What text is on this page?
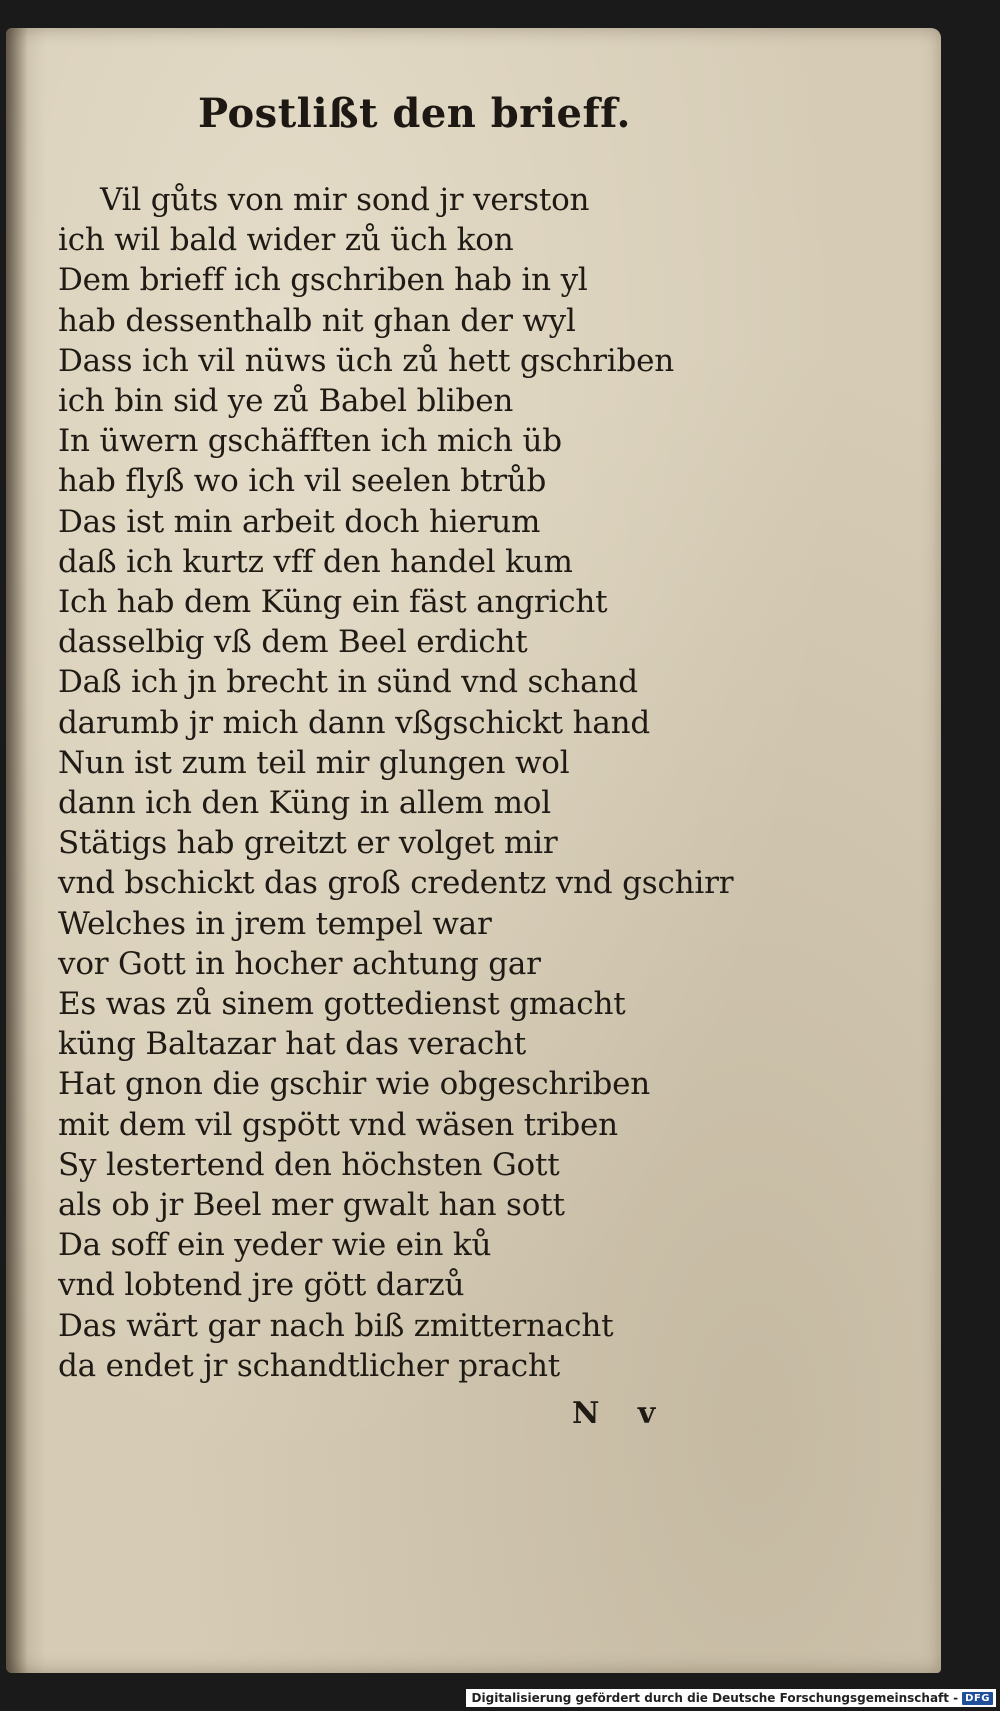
Postlißt den brieff.
Vil gůts von mir sond jr verston
ich wil bald wider zů üch kon
Dem brieff ich gschriben hab in yl
hab dessenthalb nit ghan der wyl
Dass ich vil nüws üch zů hett gschriben
ich bin sid ye zů Babel bliben
In üwern gschäfften ich mich üb
hab flyß wo ich vil seelen btrůb
Das ist min arbeit doch hierum
daß ich kurtz vff den handel kum
Ich hab dem Küng ein fäst angricht
dasselbig vß dem Beel erdicht
Daß ich jn brecht in sünd vnd schand
darumb jr mich dann vßgschickt hand
Nun ist zum teil mir glungen wol
dann ich den Küng in allem mol
Stätigs hab greitzt er volget mir
vnd bschickt das groß credentz vnd gschirr
Welches in jrem tempel war
vor Gott in hocher achtung gar
Es was zů sinem gottedienst gmacht
küng Baltazar hat das veracht
Hat gnon die gschir wie obgeschriben
mit dem vil gspött vnd wäsen triben
Sy lestertend den höchsten Gott
als ob jr Beel mer gwalt han sott
Da soff ein yeder wie ein ků
vnd lobtend jre gött darzů
Das wärt gar nach biß zmitternacht
da endet jr schandtlicher pracht
N v
Digitalisierung gefördert durch die Deutsche Forschungsgemeinschaft - DFG
